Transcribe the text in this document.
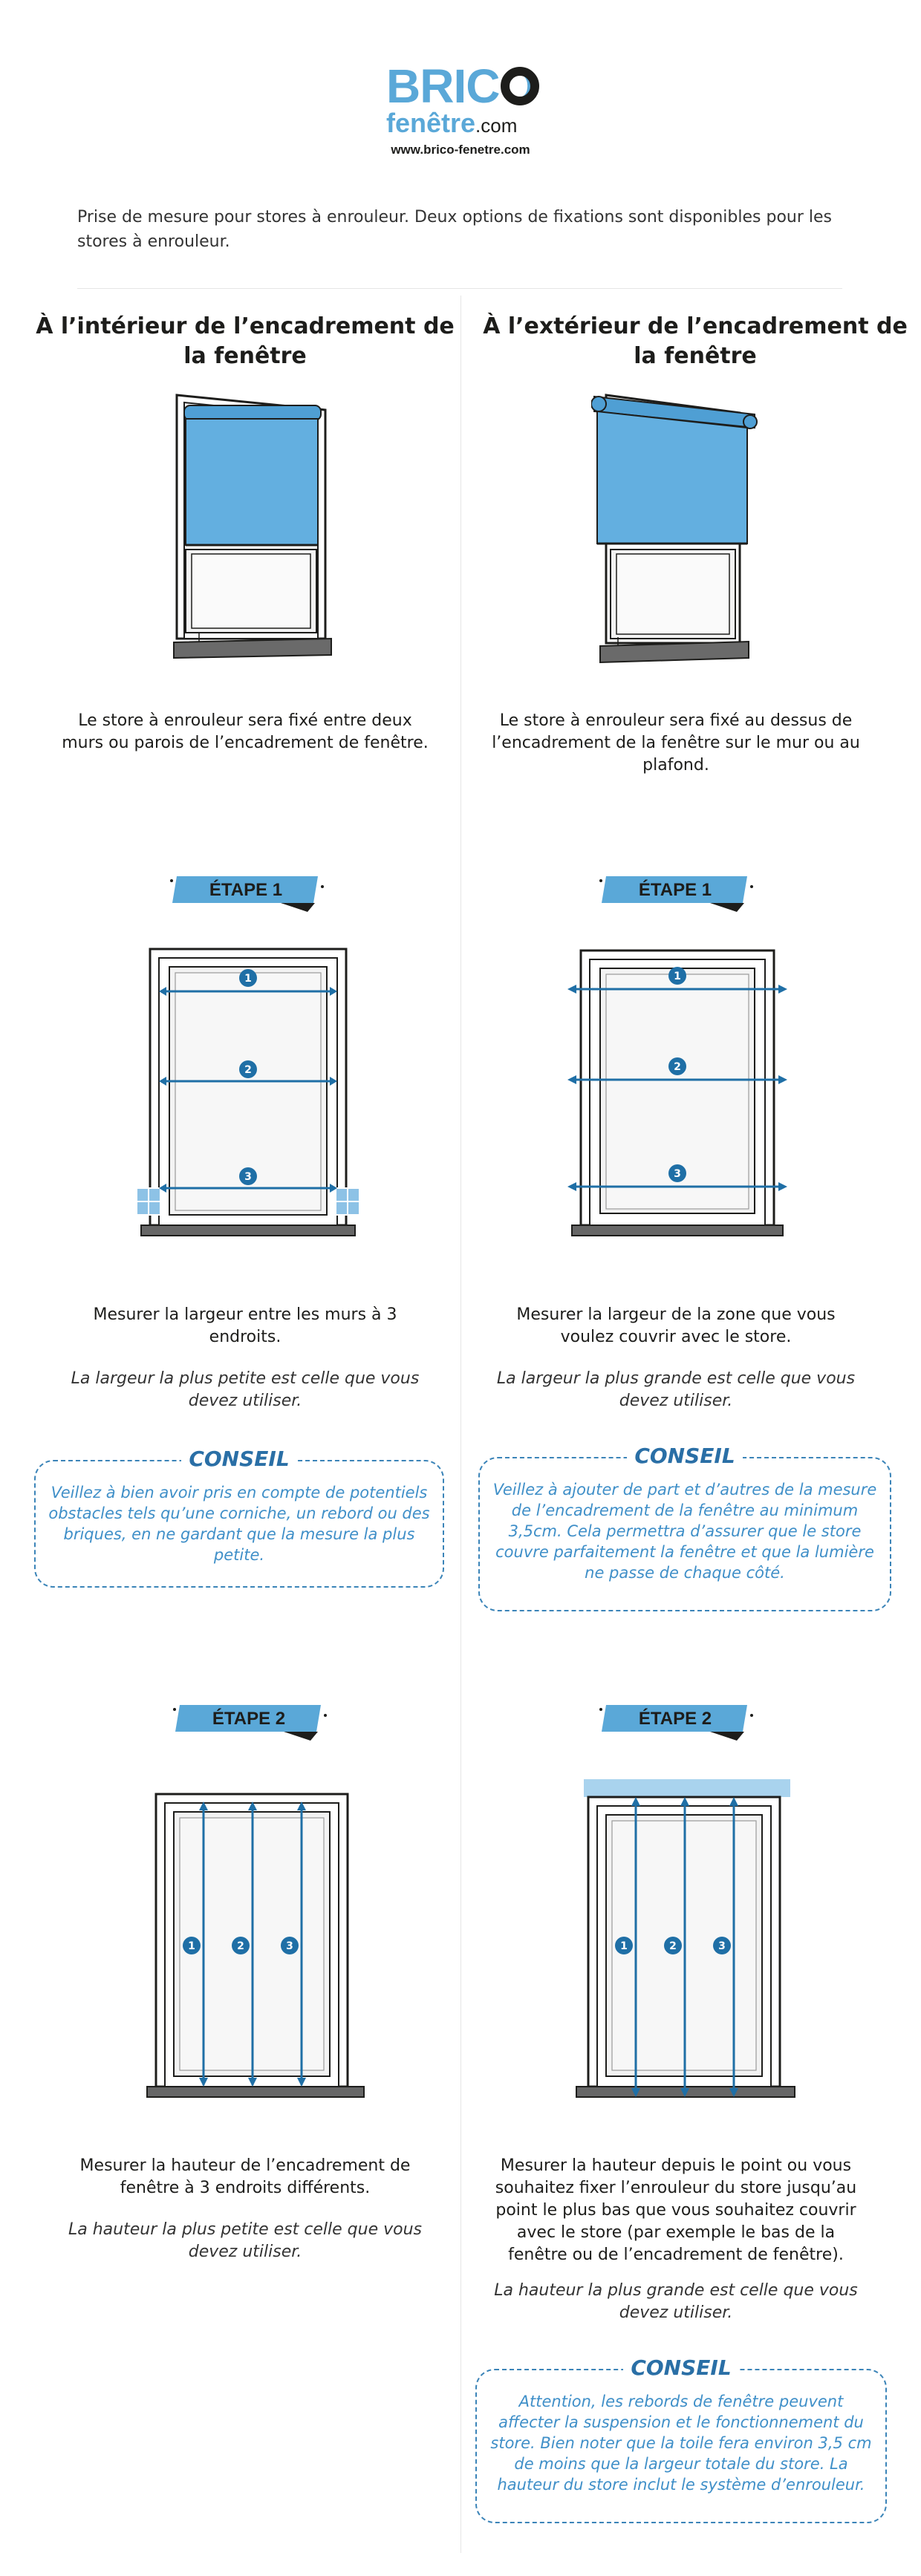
BRICO
fenêtre.com
www.brico-fenetre.com
Prise de mesure pour stores à enrouleur. Deux options de fixations sont disponibles pour les stores à enrouleur.
À l’intérieur de l’encadrement de la fenêtre
Le store à enrouleur sera fixé entre deux murs ou parois de l’encadrement de fenêtre.
ÉTAPE 1
1
2
3
Mesurer la largeur entre les murs à 3 endroits.
La largeur la plus petite est celle que vous devez utiliser.
CONSEIL
Veillez à bien avoir pris en compte de potentiels obstacles tels qu’une corniche, un rebord ou des briques, en ne gardant que la mesure la plus petite.
ÉTAPE 2
1	2	3
Mesurer la hauteur de l’encadrement de fenêtre à 3 endroits différents.
La hauteur la plus petite est celle que vous devez utiliser.
À l’extérieur de l’encadrement de la fenêtre
Le store à enrouleur sera fixé au dessus de l’encadrement de la fenêtre sur le mur ou au plafond.
ÉTAPE 1
1
2
3
Mesurer la largeur de la zone que vous voulez couvrir avec le store.
La largeur la plus grande est celle que vous devez utiliser.
CONSEIL
Veillez à ajouter de part et d’autres de la mesure de l’encadrement de la fenêtre au minimum 3,5cm. Cela permettra d’assurer que le store couvre parfaitement la fenêtre et que la lumière ne passe de chaque côté.
ÉTAPE 2
1	2	3
Mesurer la hauteur depuis le point ou vous souhaitez fixer l’enrouleur du store jusqu’au point le plus bas que vous souhaitez couvrir avec le store (par exemple le bas de la fenêtre ou de l’encadrement de fenêtre).
La hauteur la plus grande est celle que vous devez utiliser.
CONSEIL
Attention, les rebords de fenêtre peuvent affecter la suspension et le fonctionnement du store. Bien noter que la toile fera environ 3,5 cm de moins que la largeur totale du store. La hauteur du store inclut le système d’enrouleur.
